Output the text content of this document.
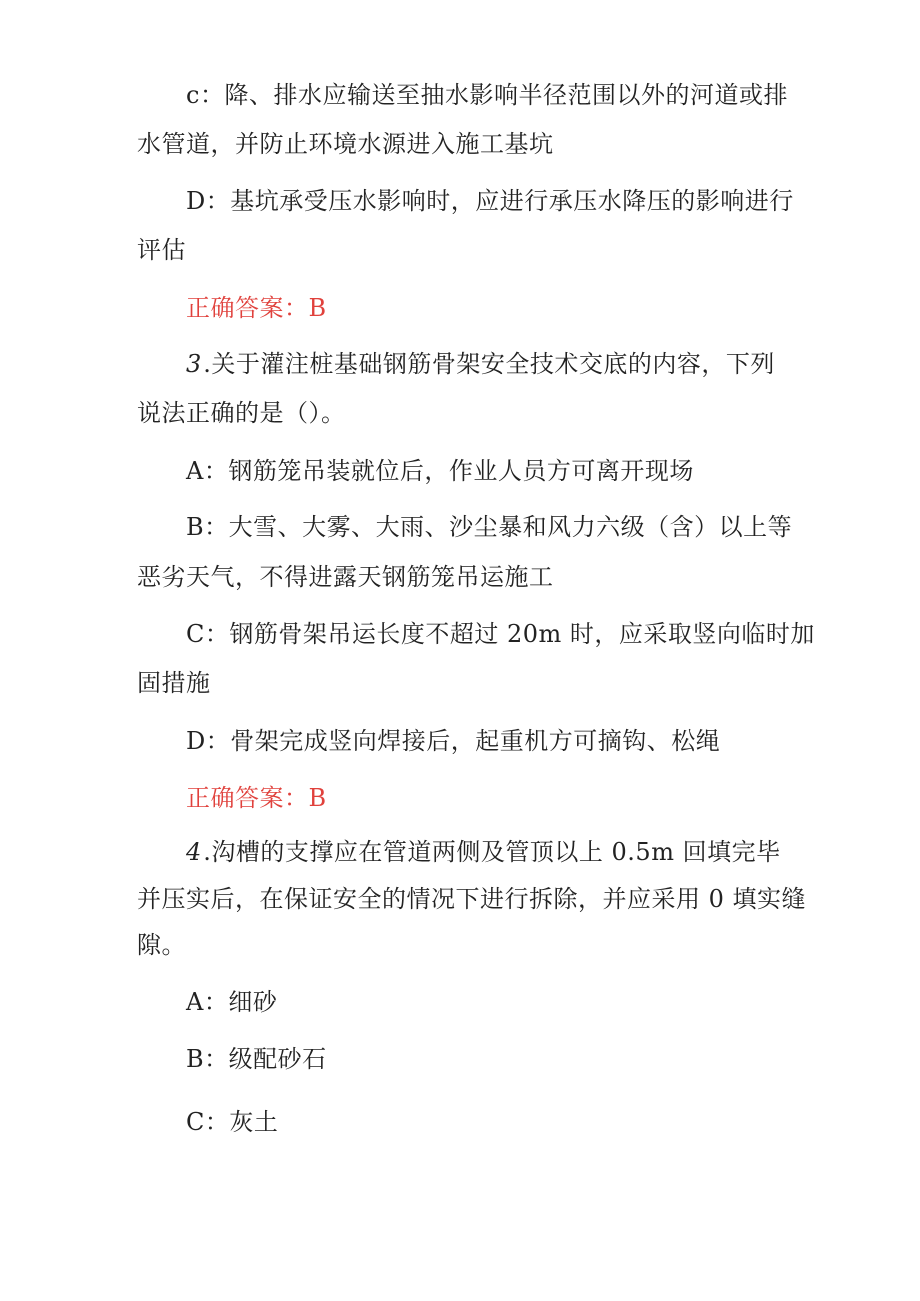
c：降、排水应输送至抽水影响半径范围以外的河道或排
水管道，并防止环境水源进入施工基坑
D：基坑承受压水影响时，应进行承压水降压的影响进行
评估
正确答案：B
3.关于灌注桩基础钢筋骨架安全技术交底的内容，下列
说法正确的是（）。
A：钢筋笼吊装就位后，作业人员方可离开现场
B：大雪、大雾、大雨、沙尘暴和风力六级（含）以上等
恶劣天气，不得进露天钢筋笼吊运施工
C：钢筋骨架吊运长度不超过 20m 时，应采取竖向临时加
固措施
D：骨架完成竖向焊接后，起重机方可摘钩、松绳
正确答案：B
4.沟槽的支撑应在管道两侧及管顶以上 0.5m 回填完毕
并压实后，在保证安全的情况下进行拆除，并应采用 0 填实缝
隙。
A：细砂
B：级配砂石
C：灰土
